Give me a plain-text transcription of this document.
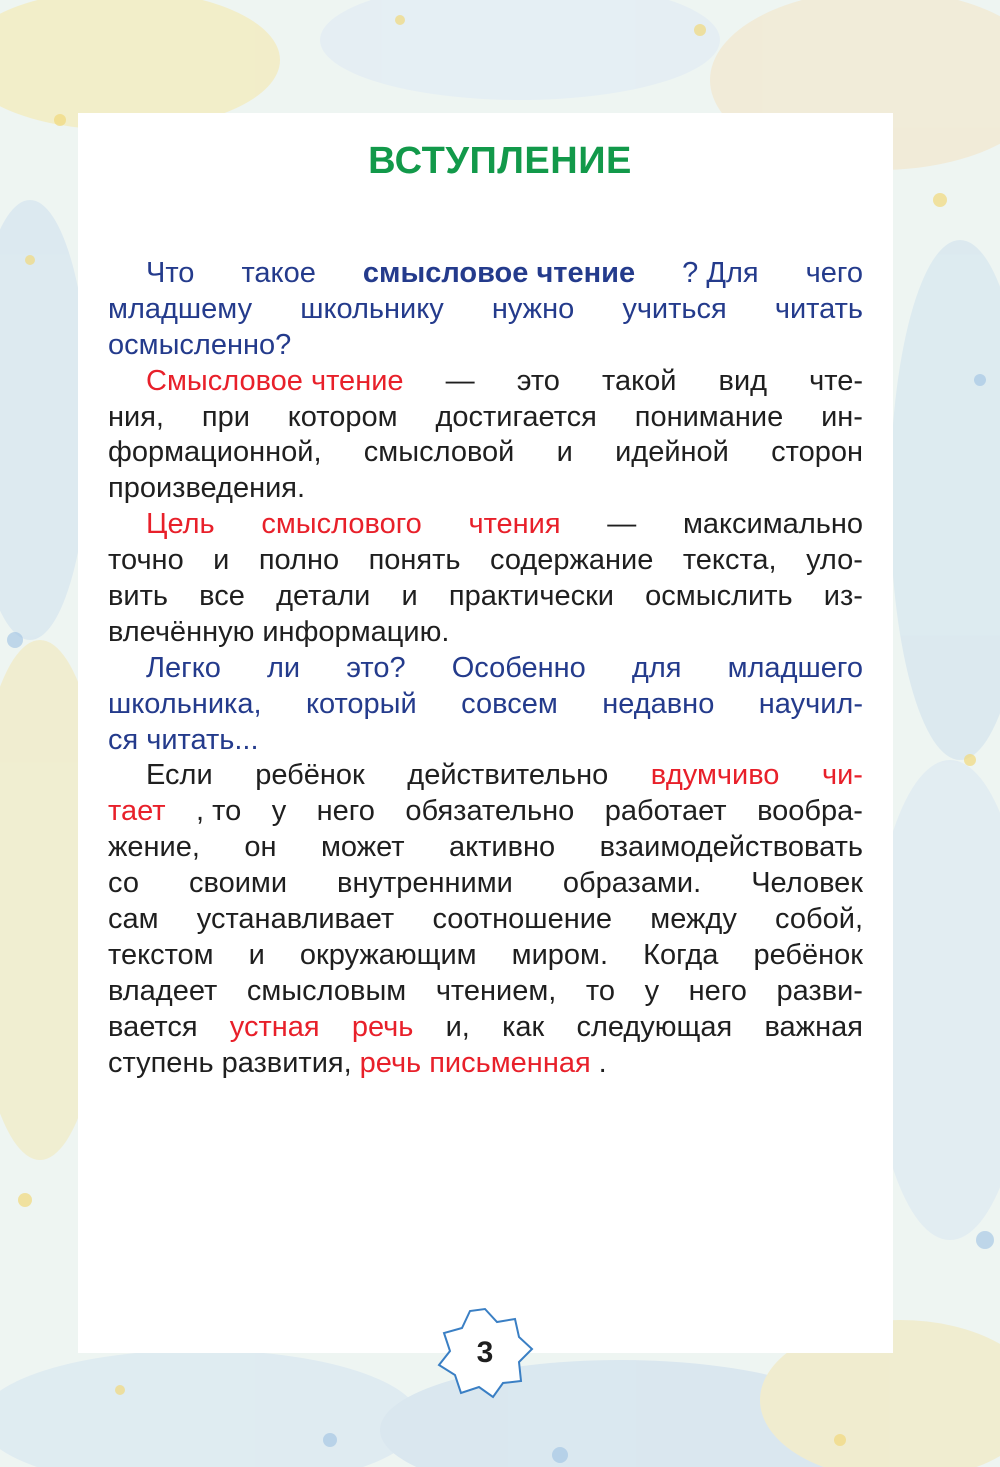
ВСТУПЛЕНИЕ
Что такое смысловое чтение ? Для чего
младшему школьнику нужно учиться читать
осмысленно?
Смысловое чтение — это такой вид чте-
ния, при котором достигается понимание ин-
формационной, смысловой и идейной сторон
произведения.
Цель смыслового чтения — максимально
точно и полно понять содержание текста, уло-
вить все детали и практически осмыслить из-
влечённую информацию.
Легко ли это? Особенно для младшего
школьника, который совсем недавно научил-
ся читать...
Если ребёнок действительно вдумчиво чи-
тает , то у него обязательно работает вообра-
жение, он может активно взаимодействовать
со своими внутренними образами. Человек
сам устанавливает соотношение между собой,
текстом и окружающим миром. Когда ребёнок
владеет смысловым чтением, то у него разви-
вается устная речь и, как следующая важная
ступень развития, речь письменная .
3
